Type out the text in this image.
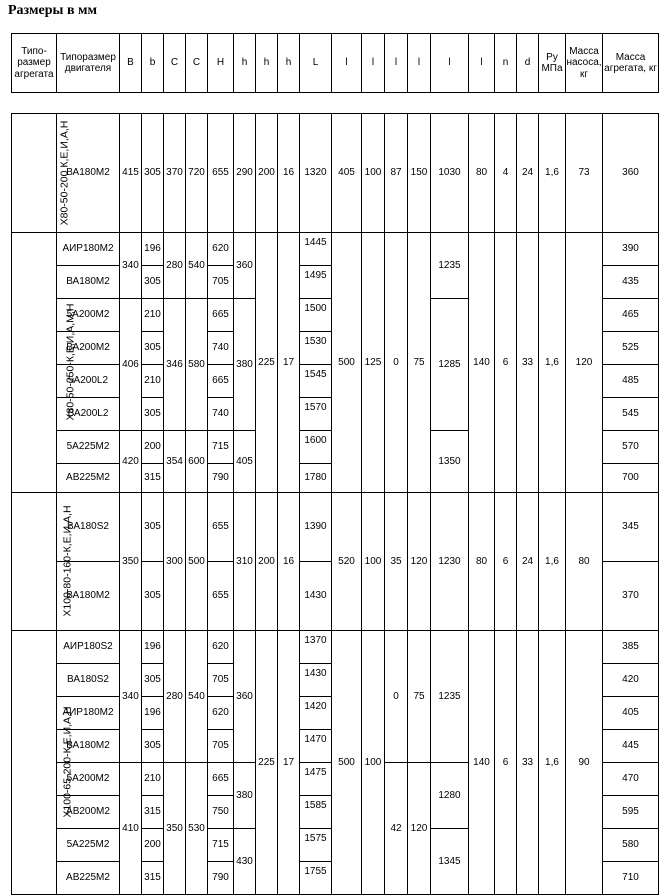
Размеры в мм
Типо-размер агрегата	Типоразмер двигателя	B	b	C	C	H	h	h	h	L	l	l	l	l	l	l	n	d	Py МПа	Масса насоса, кг	Масса агрегата, кг

Х80-50-200 К,Е,И,А,Н	ВА180М2	415	305	370	720	655	290	200	16	1320	405	100	87	150	1030	80	4	24	1,6	73	360
Х80-50-250-К,Е,И,А,М,Н	АИР180М2	340	196	280	540	620	360	225	17	1445	500	125	0	75	1235	140	6	33	1,6	120	390
	ВА180М2		305			705				1495											435
	5А200М2	406	210	346	580	665	380			1500					1285						465
	ВА200М2		305			740				1530											525
	5А200L2		210			665				1545											485
	ВА200L2		305			740				1570											545
	5А225М2	420	200	354	600	715	405			1600					1350						570
	АВ225М2		315			790				1780											700
Х100-80-160-К,Е,И,А,Н	ВА180S2	350	305	300	500	655	310	200	16	1390	520	100	35	120	1230	80	6	24	1,6	80	345
	ВА180М2		305			655				1430											370
Х100-65-200-К,Е,И,А,Н	АИР180S2	340	196	280	540	620	360	225	17	1370	500	100	0	75	1235	140	6	33	1,6	90	385
	ВА180S2		305			705				1430											420
	АИР180М2		196			620				1420											405
	ВА180М2		305			705				1470											445
	5А200М2	410	210	350	530	665	380			1475			42	120	1280						470
	АВ200М2		315			750				1585											595
	5А225М2		200			715	430			1575					1345						580
	АВ225М2		315			790				1755											710
